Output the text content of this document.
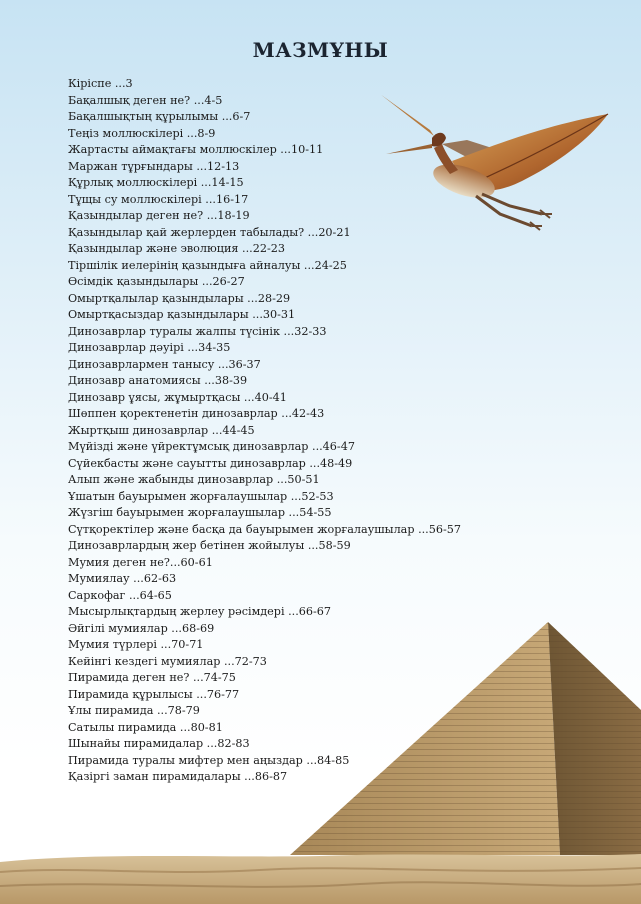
МАЗМҰНЫ
Кіріспе ...3
Бақалшық деген не? ...4-5
Бақалшықтың құрылымы ...6-7
Теңіз моллюскілері ...8-9
Жартасты аймақтағы моллюскілер ...10-11
Маржан тұрғындары ...12-13
Құрлық моллюскілері ...14-15
Тұщы су моллюскілері ...16-17
Қазындылар деген не? ...18-19
Қазындылар қай жерлерден табылады? ...20-21
Қазындылар және эволюция ...22-23
Тіршілік иелерінің қазындыға айналуы ...24-25
Өсімдік қазындылары ...26-27
Омыртқалылар қазындылары ...28-29
Омыртқасыздар қазындылары ...30-31
Динозаврлар туралы жалпы түсінік ...32-33
Динозаврлар дәуірі ...34-35
Динозаврлармен танысу ...36-37
Динозавр анатомиясы ...38-39
Динозавр ұясы, жұмыртқасы ...40-41
Шөппен қоректенетін динозаврлар ...42-43
Жыртқыш динозаврлар ...44-45
Мүйізді және үйректұмсық динозаврлар ...46-47
Сүйекбасты және сауытты динозаврлар ...48-49
Алып және жабынды динозаврлар ...50-51
Ұшатын бауырымен жорғалаушылар ...52-53
Жүзгіш бауырымен жорғалаушылар ...54-55
Сүтқоректілер және басқа да бауырымен жорғалаушылар ...56-57
Динозаврлардың жер бетінен жойылуы ...58-59
Мумия деген не?...60-61
Мумиялау ...62-63
Саркофаг ...64-65
Мысырлықтардың жерлеу рәсімдері ...66-67
Әйгілі мумиялар ...68-69
Мумия түрлері ...70-71
Кейінгі кездегі мумиялар ...72-73
Пирамида деген не? ...74-75
Пирамида құрылысы ...76-77
Ұлы пирамида ...78-79
Сатылы пирамида ...80-81
Шынайы пирамидалар ...82-83
Пирамида туралы мифтер мен аңыздар ...84-85
Қазіргі заман пирамидалары ...86-87
